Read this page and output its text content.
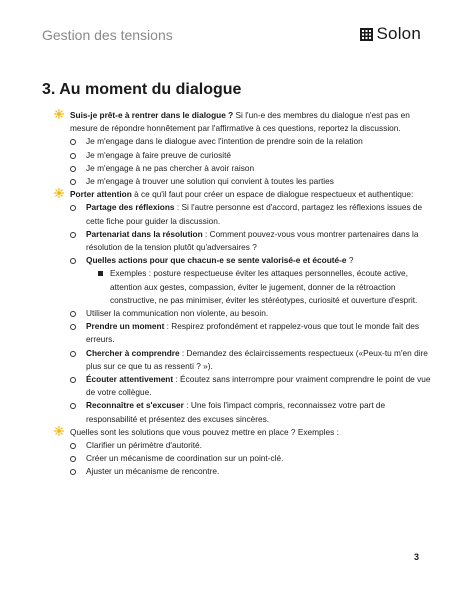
Gestion des tensions	Solon
3. Au moment du dialogue
Suis-je prêt-e à rentrer dans le dialogue ? Si l'un-e des membres du dialogue n'est pas en mesure de répondre honnêtement par l'affirmative à ces questions, reportez la discussion.
Je m'engage dans le dialogue avec l'intention de prendre soin de la relation
Je m'engage à faire preuve de curiosité
Je m'engage à ne pas chercher à avoir raison
Je m'engage à trouver une solution qui convient à toutes les parties
Porter attention à ce qu'il faut pour créer un espace de dialogue respectueux et authentique:
Partage des réflexions : Si l'autre personne est d'accord, partagez les réflexions issues de cette fiche pour guider la discussion.
Partenariat dans la résolution : Comment pouvez-vous vous montrer partenaires dans la résolution de la tension plutôt qu'adversaires ?
Quelles actions pour que chacun-e se sente valorisé-e et écouté-e ?
Exemples : posture respectueuse éviter les attaques personnelles, écoute active, attention aux gestes, compassion, éviter le jugement, donner de la rétroaction constructive, ne pas minimiser, éviter les stéréotypes, curiosité et ouverture d'esprit.
Utiliser la communication non violente, au besoin.
Prendre un moment : Respirez profondément et rappelez-vous que tout le monde fait des erreurs.
Chercher à comprendre : Demandez des éclaircissements respectueux («Peux-tu m'en dire plus sur ce que tu as ressenti ? »).
Écouter attentivement : Écoutez sans interrompre pour vraiment comprendre le point de vue de votre collègue.
Reconnaître et s'excuser : Une fois l'impact compris, reconnaissez votre part de responsabilité et présentez des excuses sincères.
Quelles sont les solutions que vous pouvez mettre en place ? Exemples :
Clarifier un périmètre d'autorité.
Créer un mécanisme de coordination sur un point-clé.
Ajuster un mécanisme de rencontre.
3
